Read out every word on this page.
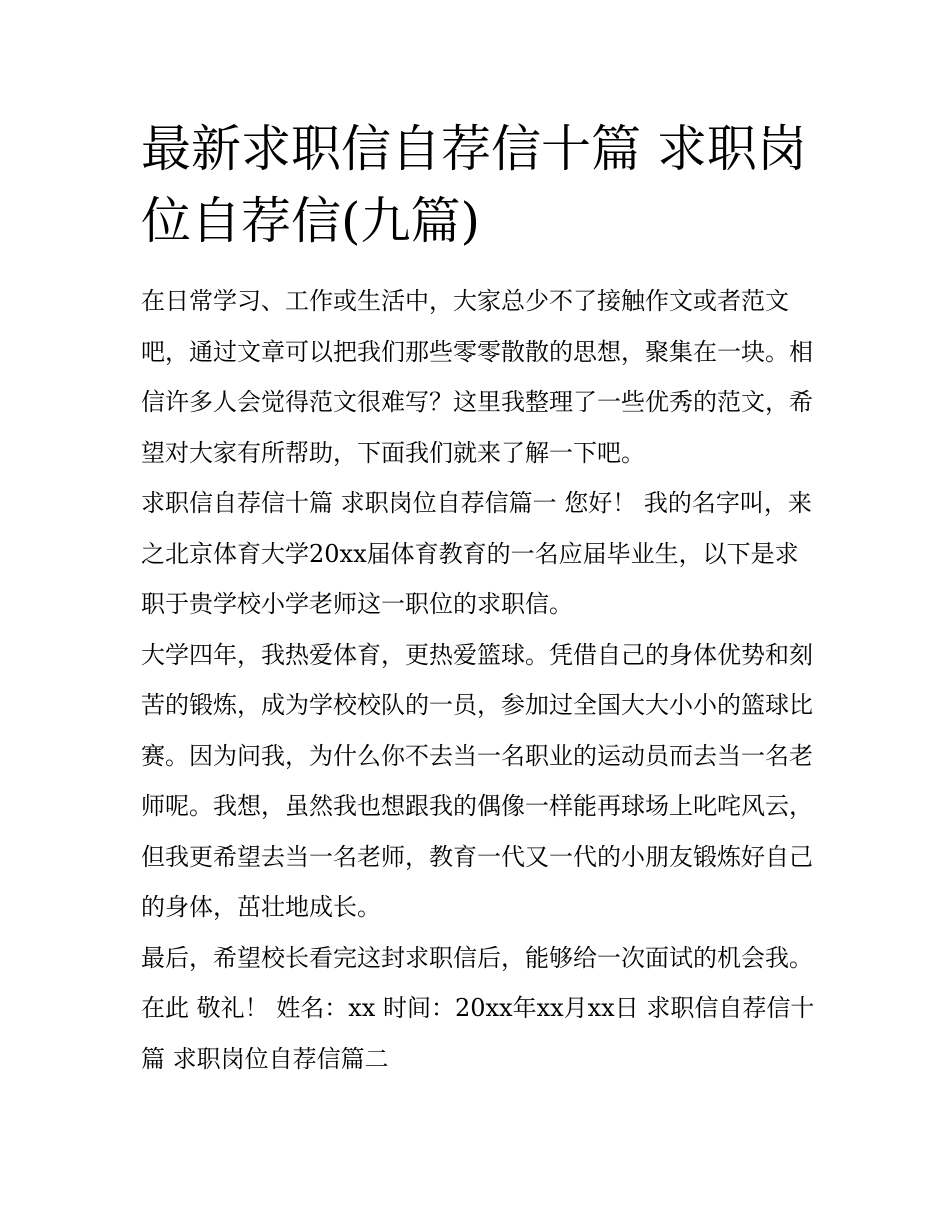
最新求职信自荐信十篇 求职岗位自荐信(九篇)

在日常学习、工作或生活中，大家总少不了接触作文或者范文吧，通过文章可以把我们那些零零散散的思想，聚集在一块。相信许多人会觉得范文很难写？这里我整理了一些优秀的范文，希望对大家有所帮助，下面我们就来了解一下吧。

求职信自荐信十篇 求职岗位自荐信篇一 您好！ 我的名字叫，来之北京体育大学20xx届体育教育的一名应届毕业生，以下是求职于贵学校小学老师这一职位的求职信。

大学四年，我热爱体育，更热爱篮球。凭借自己的身体优势和刻苦的锻炼，成为学校校队的一员，参加过全国大大小小的篮球比赛。因为问我，为什么你不去当一名职业的运动员而去当一名老师呢。我想，虽然我也想跟我的偶像一样能再球场上叱咤风云，但我更希望去当一名老师，教育一代又一代的小朋友锻炼好自己的身体，茁壮地成长。

最后，希望校长看完这封求职信后，能够给一次面试的机会我。 在此 敬礼！ 姓名：xx 时间：20xx年xx月xx日 求职信自荐信十篇 求职岗位自荐信篇二
